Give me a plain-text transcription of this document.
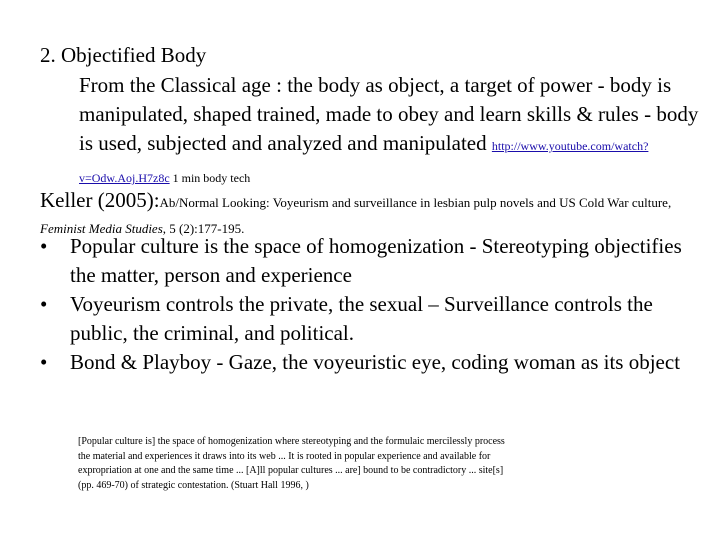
2. Objectified Body
From the Classical age : the body as object, a target of power - body is manipulated, shaped trained, made to obey and learn skills & rules - body is used, subjected and analyzed and manipulated http://www.youtube.com/watch?v=Odw.Aoj.H7z8c 1 min body tech
Keller (2005):Ab/Normal Looking: Voyeurism and surveillance in lesbian pulp novels and US Cold War culture, Feminist Media Studies, 5 (2):177-195.
• Popular culture is the space of homogenization - Stereotyping objectifies the matter, person and experience
• Voyeurism controls the private, the sexual – Surveillance controls the public, the criminal, and political.
• Bond & Playboy - Gaze, the voyeuristic eye, coding woman as its object
[Popular culture is] the space of homogenization where stereotyping and the formulaic mercilessly process the material and experiences it draws into its web ... It is rooted in popular experience and available for expropriation at one and the same time ... [A]ll popular cultures ... are] bound to be contradictory ... site[s] (pp. 469-70) of strategic contestation. (Stuart Hall 1996, )
